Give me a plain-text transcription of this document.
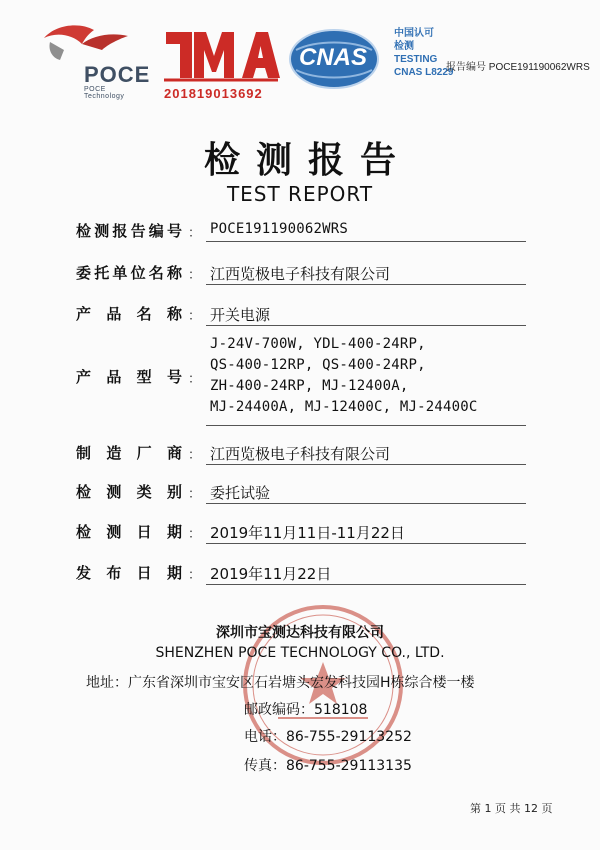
POCE
POCE Technology	201819013692
CNAS
中国认可
检测
TESTING
CNAS L8229
报告编号 POCE191190062WRS
检测报告
TEST REPORT
检 测 报 告 编 号 ： POCE191190062WRS
委 托 单 位 名 称 ： 江西览极电子科技有限公司
产 品 名 称 ： 开关电源
产 品 型 号 ：
J-24V-700W, YDL-400-24RP,
QS-400-12RP, QS-400-24RP,
ZH-400-24RP, MJ-12400A,
MJ-24400A, MJ-12400C, MJ-24400C
制 造 厂 商 ： 江西览极电子科技有限公司
检 测 类 别 ： 委托试验
检 测 日 期 ： 2019年11月11日-11月22日
发 布 日 期 ： 2019年11月22日
深圳市宝测达科技有限公司
SHENZHEN POCE TECHNOLOGY CO., LTD.
地址：广东省深圳市宝安区石岩塘头宏发科技园H栋综合楼一楼
邮政编码：518108
电话：86-755-29113252
传真：86-755-29113135
第 1 页 共 12 页
